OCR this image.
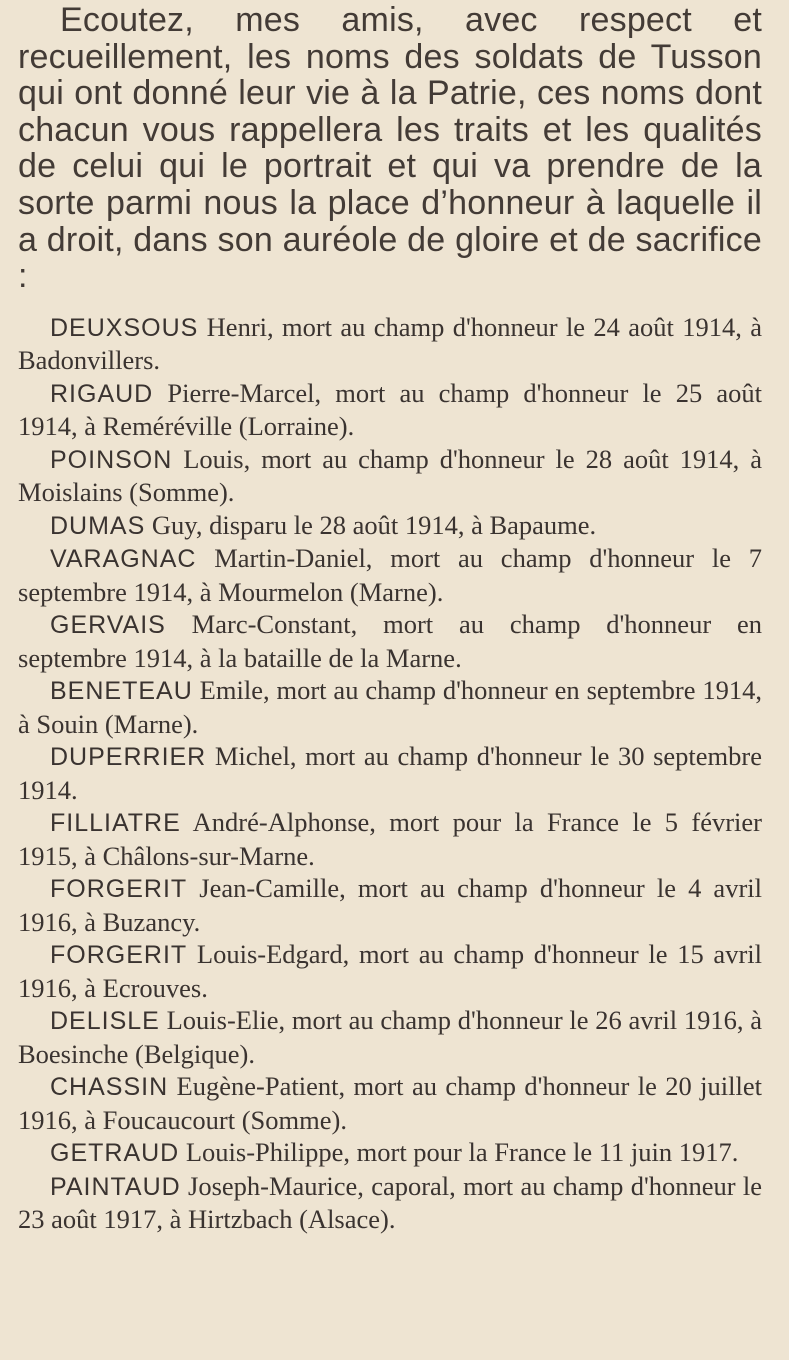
Ecoutez, mes amis, avec respect et recueillement, les noms des soldats de Tusson qui ont donné leur vie à la Patrie, ces noms dont chacun vous rappellera les traits et les qualités de celui qui le portrait et qui va prendre de la sorte parmi nous la place d’honneur à laquelle il a droit, dans son auréole de gloire et de sacrifice :

DEUXSOUS Henri, mort au champ d'honneur le 24 août 1914, à Badonvillers.

RIGAUD Pierre-Marcel, mort au champ d'honneur le 25 août 1914, à Reméréville (Lorraine).

POINSON Louis, mort au champ d'honneur le 28 août 1914, à Moislains (Somme).

DUMAS Guy, disparu le 28 août 1914, à Bapaume.

VARAGNAC Martin-Daniel, mort au champ d'honneur le 7 septembre 1914, à Mourmelon (Marne).

GERVAIS Marc-Constant, mort au champ d'honneur en septembre 1914, à la bataille de la Marne.

BENETEAU Emile, mort au champ d'honneur en septembre 1914, à Souin (Marne).

DUPERRIER Michel, mort au champ d'honneur le 30 septembre 1914.

FILLIATRE André-Alphonse, mort pour la France le 5 février 1915, à Châlons-sur-Marne.

FORGERIT Jean-Camille, mort au champ d'honneur le 4 avril 1916, à Buzancy.

FORGERIT Louis-Edgard, mort au champ d'honneur le 15 avril 1916, à Ecrouves.

DELISLE Louis-Elie, mort au champ d'honneur le 26 avril 1916, à Boesinche (Belgique).

CHASSIN Eugène-Patient, mort au champ d'honneur le 20 juillet 1916, à Foucaucourt (Somme).

GETRAUD Louis-Philippe, mort pour la France le 11 juin 1917.

PAINTAUD Joseph-Maurice, caporal, mort au champ d'honneur le 23 août 1917, à Hirtzbach (Alsace).
